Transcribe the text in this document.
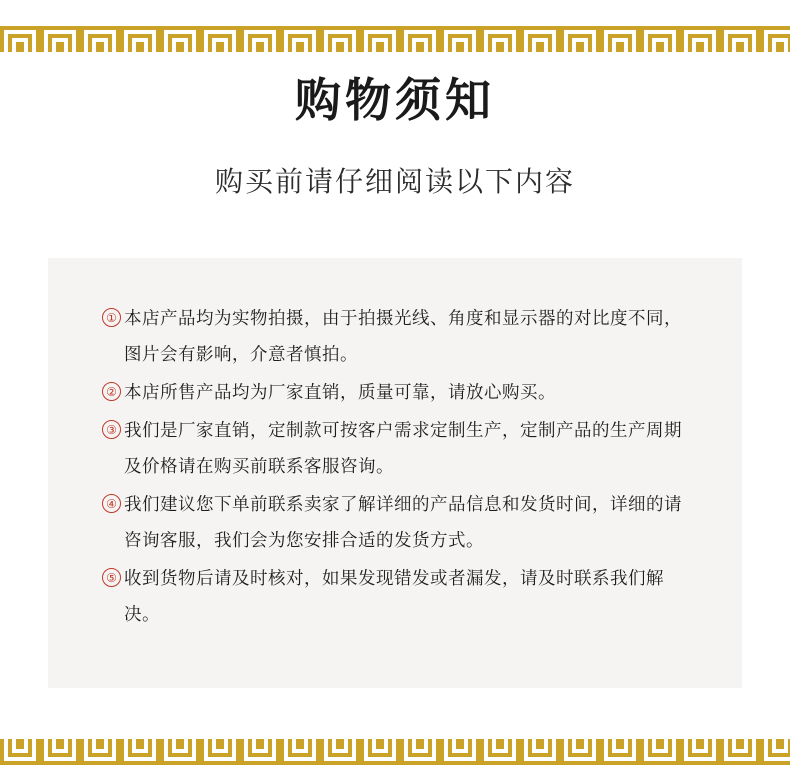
购物须知

购买前请仔细阅读以下内容

① 本店产品均为实物拍摄，由于拍摄光线、角度和显示器的对比度不同，图片会有影响，介意者慎拍。
② 本店所售产品均为厂家直销，质量可靠，请放心购买。
③ 我们是厂家直销，定制款可按客户需求定制生产，定制产品的生产周期及价格请在购买前联系客服咨询。
④ 我们建议您下单前联系卖家了解详细的产品信息和发货时间，详细的请咨询客服，我们会为您安排合适的发货方式。
⑤ 收到货物后请及时核对，如果发现错发或者漏发，请及时联系我们解决。
